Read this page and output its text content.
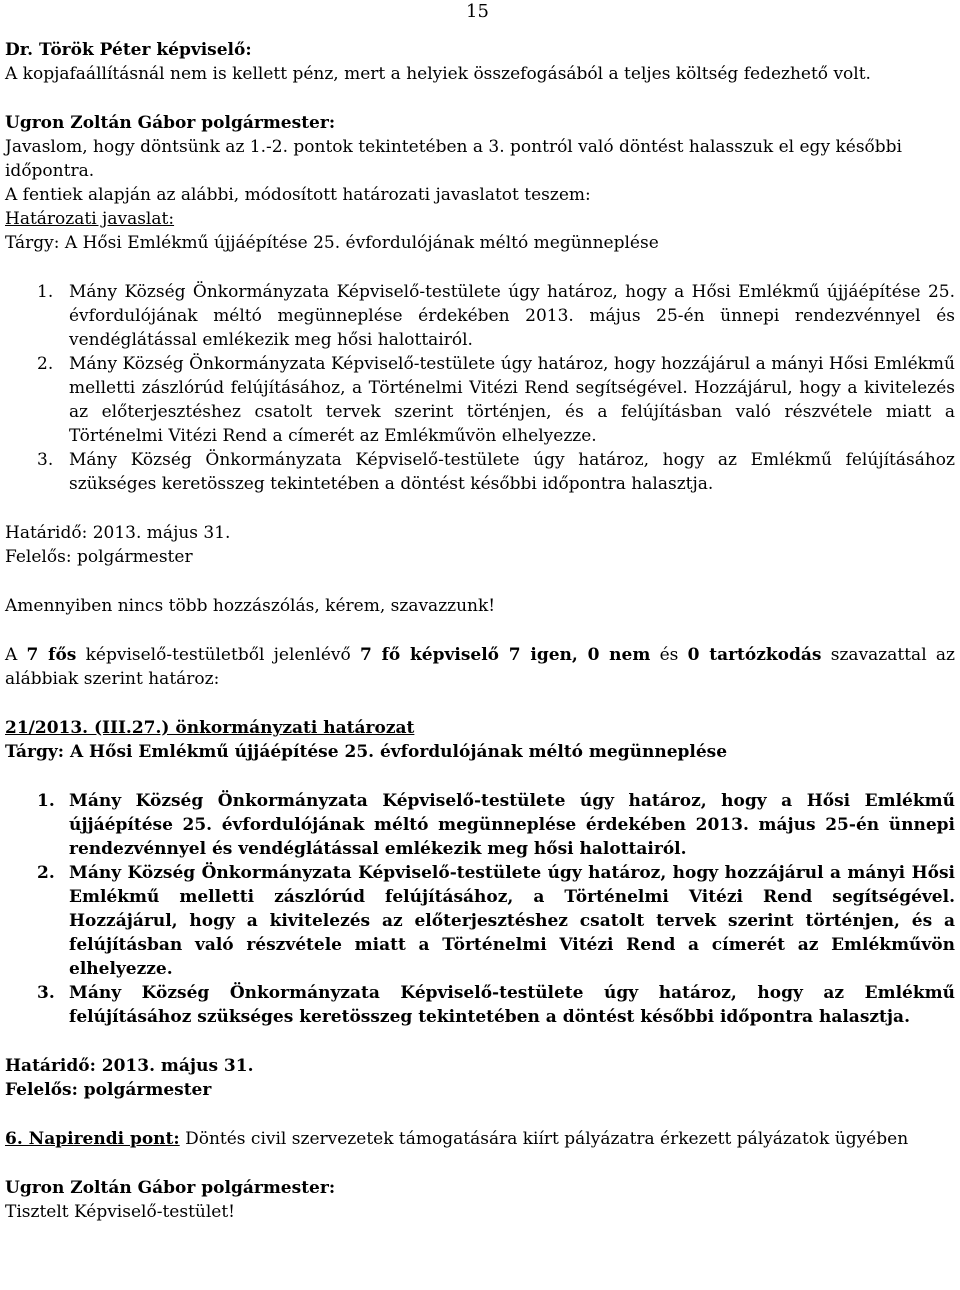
15

Dr. Török Péter képviselő:

A kopjafaállításnál nem is kellett pénz, mert a helyiek összefogásából a teljes költség fedezhető volt.

Ugron Zoltán Gábor polgármester:

Javaslom, hogy döntsünk az 1.-2. pontok tekintetében a 3. pontról való döntést halasszuk el egy későbbi időpontra.

A fentiek alapján az alábbi, módosított határozati javaslatot teszem:

Határozati javaslat:

Tárgy: A Hősi Emlékmű újjáépítése 25. évfordulójának méltó megünneplése

1. Mány Község Önkormányzata Képviselő-testülete úgy határoz, hogy a Hősi Emlékmű újjáépítése 25. évfordulójának méltó megünneplése érdekében 2013. május 25-én ünnepi rendezvénnyel és vendéglátással emlékezik meg hősi halottairól.
2. Mány Község Önkormányzata Képviselő-testülete úgy határoz, hogy hozzájárul a mányi Hősi Emlékmű melletti zászlórúd felújításához, a Történelmi Vitézi Rend segítségével. Hozzájárul, hogy a kivitelezés az előterjesztéshez csatolt tervek szerint történjen, és a felújításban való részvétele miatt a Történelmi Vitézi Rend a címerét az Emlékművön elhelyezze.
3. Mány Község Önkormányzata Képviselő-testülete úgy határoz, hogy az Emlékmű felújításához szükséges keretösszeg tekintetében a döntést későbbi időpontra halasztja.

Határidő: 2013. május 31.

Felelős: polgármester

Amennyiben nincs több hozzászólás, kérem, szavazzunk!

A 7 fős képviselő-testületből jelenlévő 7 fő képviselő 7 igen, 0 nem és 0 tartózkodás szavazattal az alábbiak szerint határoz:

21/2013. (III.27.) önkormányzati határozat

Tárgy: A Hősi Emlékmű újjáépítése 25. évfordulójának méltó megünneplése

1. Mány Község Önkormányzata Képviselő-testülete úgy határoz, hogy a Hősi Emlékmű újjáépítése 25. évfordulójának méltó megünneplése érdekében 2013. május 25-én ünnepi rendezvénnyel és vendéglátással emlékezik meg hősi halottairól.
2. Mány Község Önkormányzata Képviselő-testülete úgy határoz, hogy hozzájárul a mányi Hősi Emlékmű melletti zászlórúd felújításához, a Történelmi Vitézi Rend segítségével. Hozzájárul, hogy a kivitelezés az előterjesztéshez csatolt tervek szerint történjen, és a felújításban való részvétele miatt a Történelmi Vitézi Rend a címerét az Emlékművön elhelyezze.
3. Mány Község Önkormányzata Képviselő-testülete úgy határoz, hogy az Emlékmű felújításához szükséges keretösszeg tekintetében a döntést későbbi időpontra halasztja.

Határidő: 2013. május 31.

Felelős: polgármester

6. Napirendi pont: Döntés civil szervezetek támogatására kiírt pályázatra érkezett pályázatok ügyében

Ugron Zoltán Gábor polgármester:

Tisztelt Képviselő-testület!
